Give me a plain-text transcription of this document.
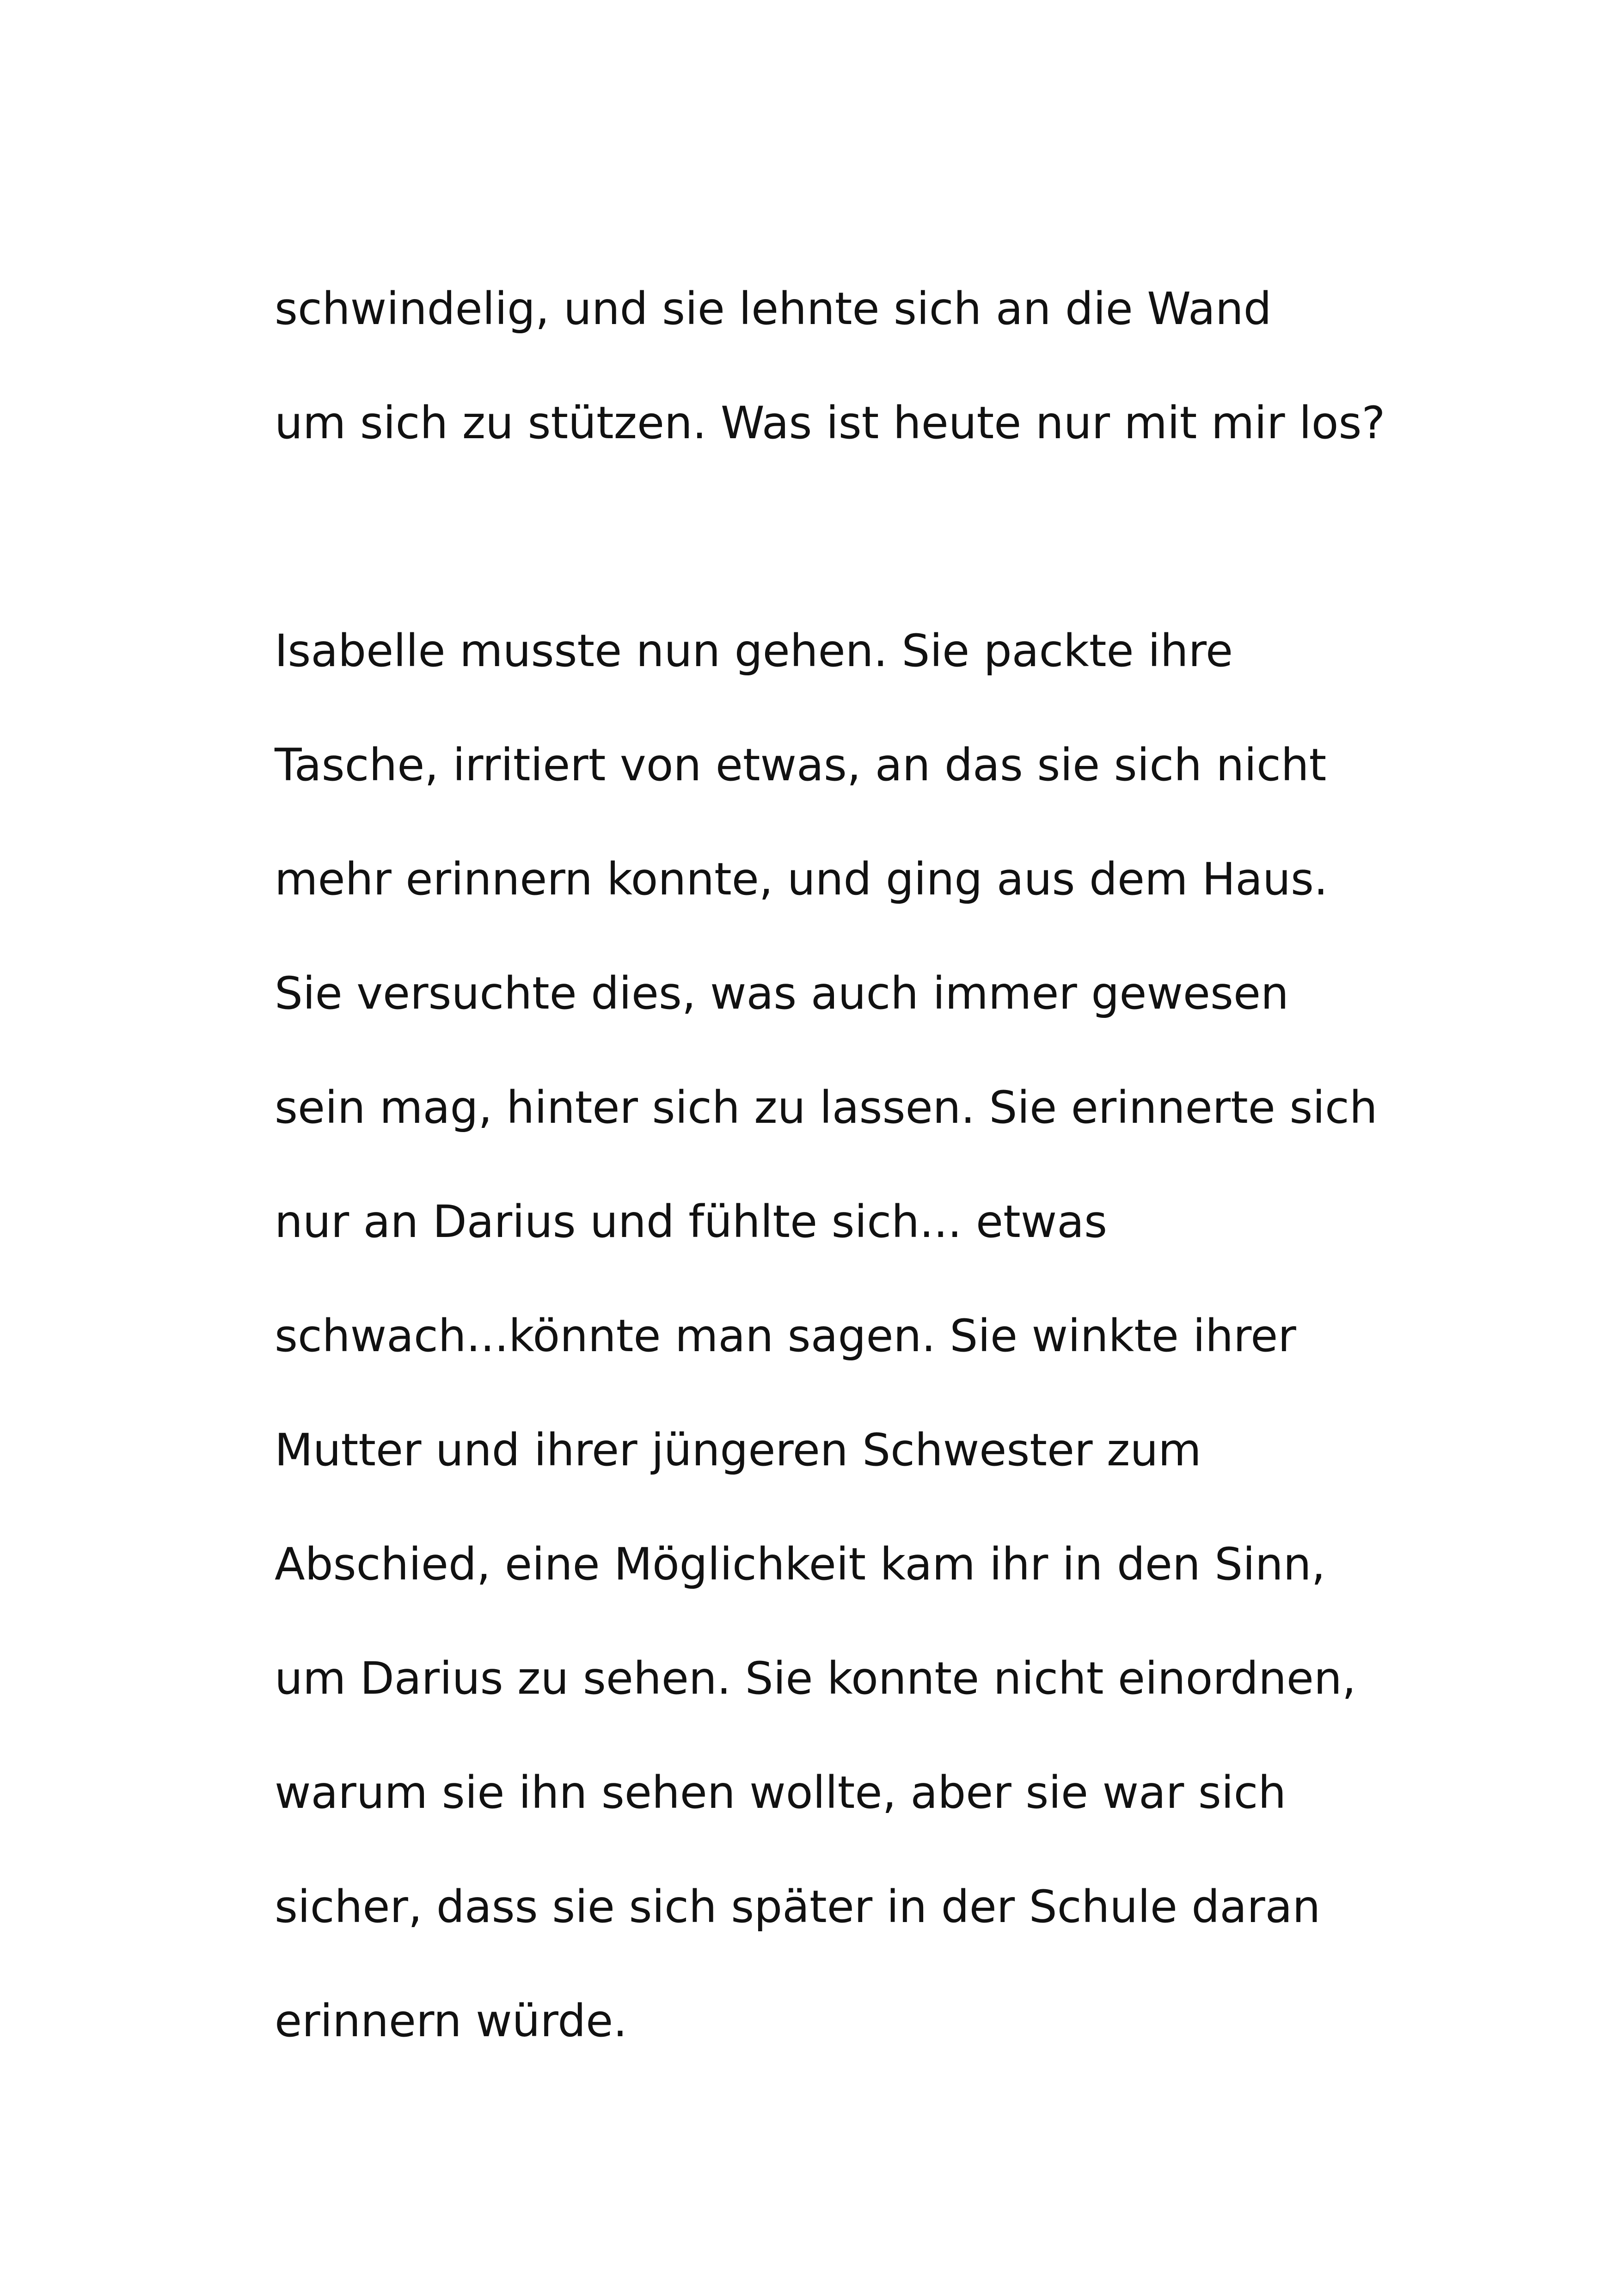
schwindelig, und sie lehnte sich an die Wand
um sich zu stützen. Was ist heute nur mit mir los?
Isabelle musste nun gehen. Sie packte ihre
Tasche, irritiert von etwas, an das sie sich nicht
mehr erinnern konnte, und ging aus dem Haus.
Sie versuchte dies, was auch immer gewesen
sein mag, hinter sich zu lassen. Sie erinnerte sich
nur an Darius und fühlte sich... etwas
schwach...könnte man sagen. Sie winkte ihrer
Mutter und ihrer jüngeren Schwester zum
Abschied, eine Möglichkeit kam ihr in den Sinn,
um Darius zu sehen. Sie konnte nicht einordnen,
warum sie ihn sehen wollte, aber sie war sich
sicher, dass sie sich später in der Schule daran
erinnern würde.
